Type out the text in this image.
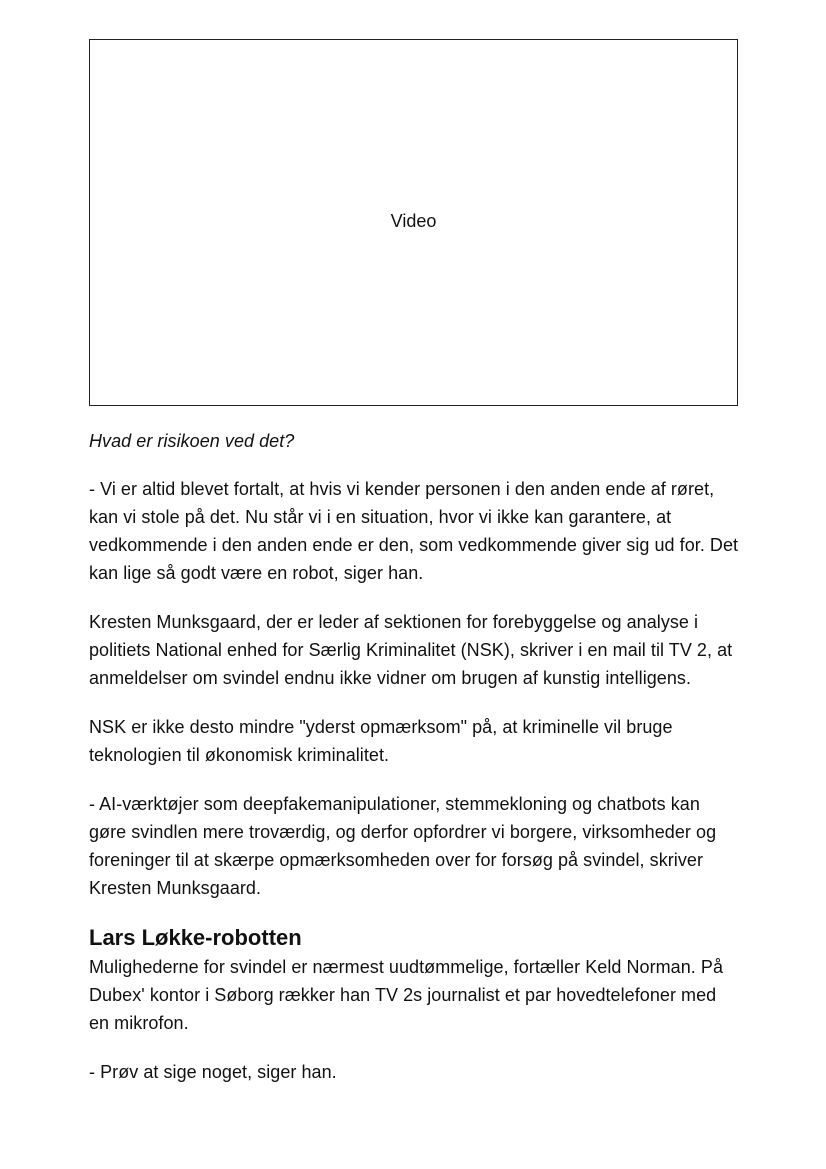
Video

Hvad er risikoen ved det?

- Vi er altid blevet fortalt, at hvis vi kender personen i den anden ende af røret, kan vi stole på det. Nu står vi i en situation, hvor vi ikke kan garantere, at vedkommende i den anden ende er den, som vedkommende giver sig ud for. Det kan lige så godt være en robot, siger han.

Kresten Munksgaard, der er leder af sektionen for forebyggelse og analyse i politiets National enhed for Særlig Kriminalitet (NSK), skriver i en mail til TV 2, at anmeldelser om svindel endnu ikke vidner om brugen af kunstig intelligens.

NSK er ikke desto mindre "yderst opmærksom" på, at kriminelle vil bruge teknologien til økonomisk kriminalitet.

- AI-værktøjer som deepfakemanipulationer, stemmekloning og chatbots kan gøre svindlen mere troværdig, og derfor opfordrer vi borgere, virksomheder og foreninger til at skærpe opmærksomheden over for forsøg på svindel, skriver Kresten Munksgaard.

Lars Løkke-robotten

Mulighederne for svindel er nærmest uudtømmelige, fortæller Keld Norman. På Dubex' kontor i Søborg rækker han TV 2s journalist et par hovedtelefoner med en mikrofon.

- Prøv at sige noget, siger han.
